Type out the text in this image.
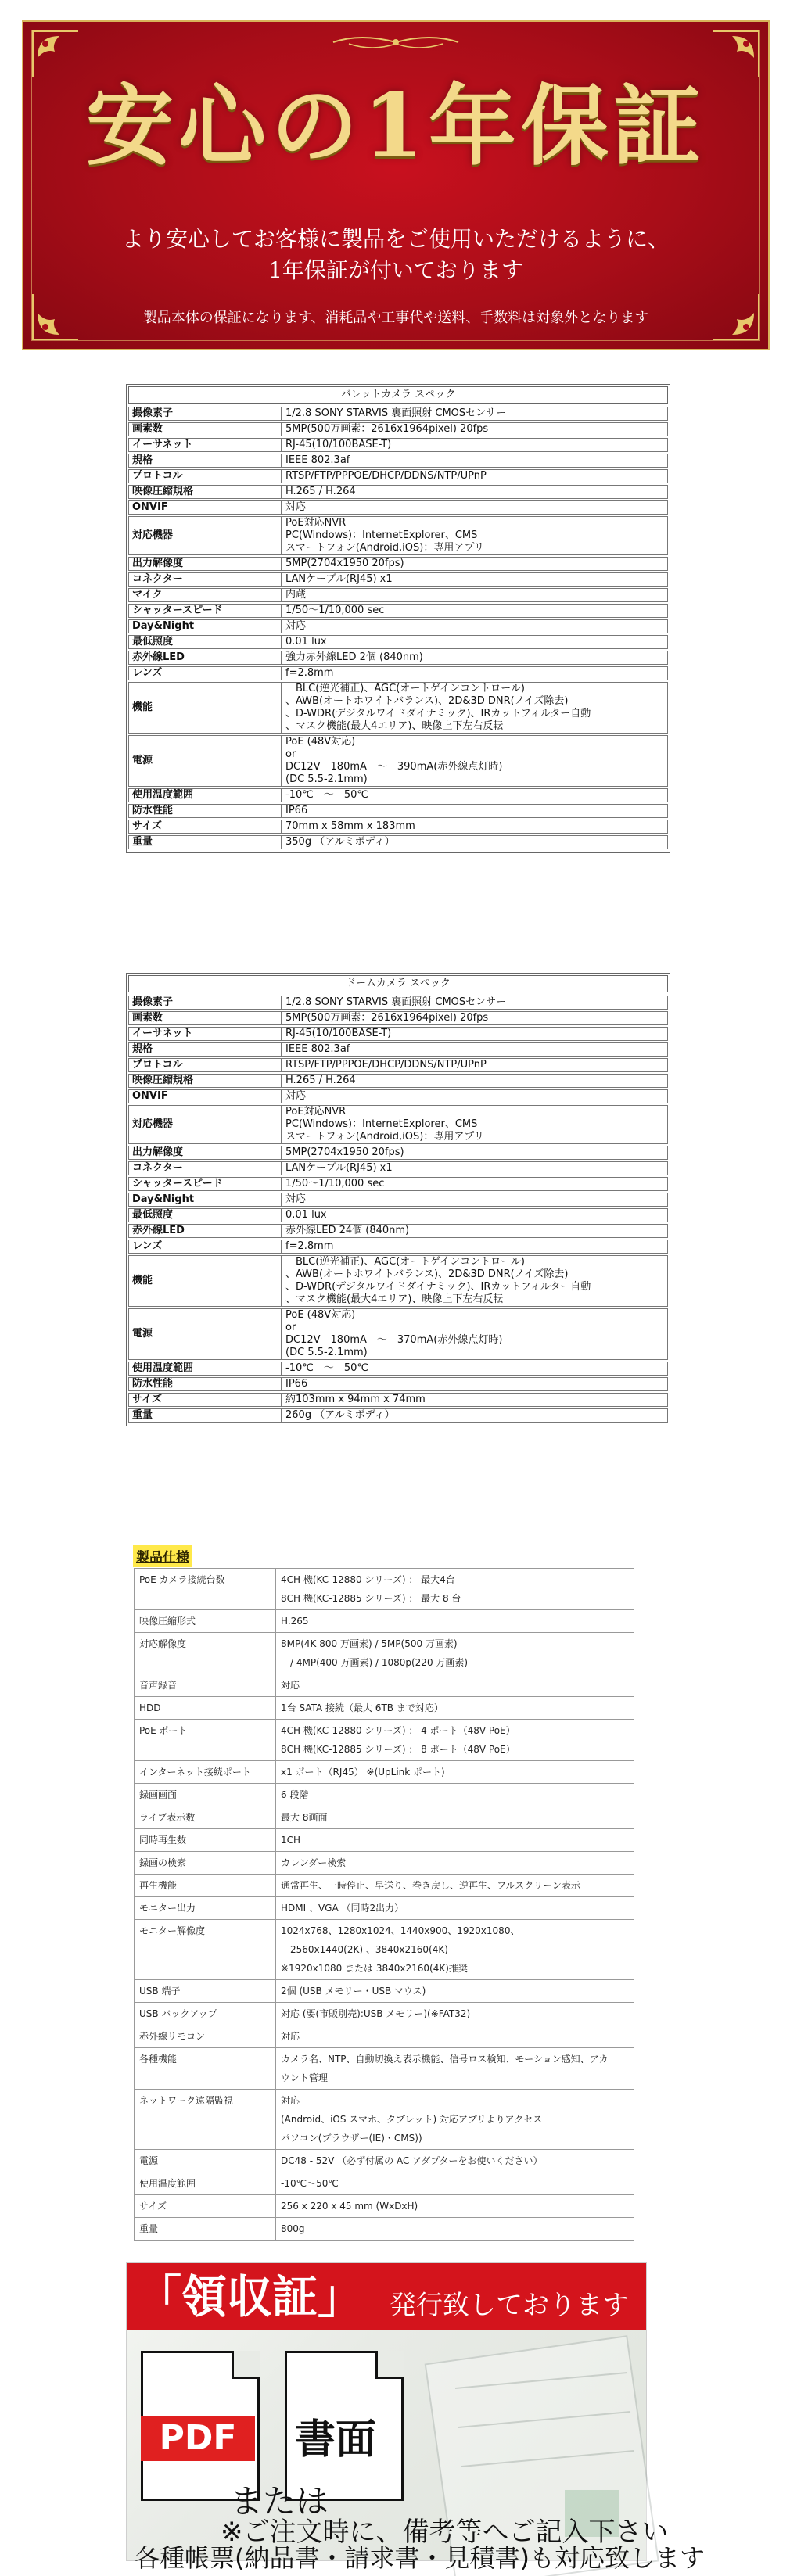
安心の1年保証
より安心してお客様に製品をご使用いただけるように、
1年保証が付いております
製品本体の保証になります、消耗品や工事代や送料、手数料は対象外となります
バレットカメラ スペック
撮像素子	1/2.8 SONY STARVIS 裏面照射 CMOSセンサー
画素数	5MP(500万画素：2616x1964pixel) 20fps
イーサネット	RJ-45(10/100BASE-T)
規格	IEEE 802.3af
プロトコル	RTSP/FTP/PPPOE/DHCP/DDNS/NTP/UPnP
映像圧縮規格	H.265 / H.264
ONVIF	対応
対応機器	PoE対応NVR
PC(Windows)：InternetExplorer、CMS
スマートフォン(Android,iOS)：専用アプリ
出力解像度	5MP(2704x1950 20fps)
コネクター	LANケーブル(RJ45) x1
マイク	内蔵
シャッタースピード	1/50〜1/10,000 sec
Day&Night	対応
最低照度	0.01 lux
赤外線LED	強力赤外線LED 2個 (840nm)
レンズ	f=2.8mm
機能	　BLC(逆光補正)、AGC(オートゲインコントロール)
、AWB(オートホワイトバランス)、2D&3D DNR(ノイズ除去)
、D-WDR(デジタルワイドダイナミック)、IRカットフィルター自動
、マスク機能(最大4エリア)、映像上下左右反転
電源	PoE (48V対応)
or
DC12V　180mA　〜　390mA(赤外線点灯時)
(DC 5.5-2.1mm)
使用温度範囲	-10℃　〜　50℃
防水性能	IP66
サイズ	70mm x 58mm x 183mm
重量	350g （アルミボディ）
ドームカメラ スペック
撮像素子	1/2.8 SONY STARVIS 裏面照射 CMOSセンサー
画素数	5MP(500万画素：2616x1964pixel) 20fps
イーサネット	RJ-45(10/100BASE-T)
規格	IEEE 802.3af
プロトコル	RTSP/FTP/PPPOE/DHCP/DDNS/NTP/UPnP
映像圧縮規格	H.265 / H.264
ONVIF	対応
対応機器	PoE対応NVR
PC(Windows)：InternetExplorer、CMS
スマートフォン(Android,iOS)：専用アプリ
出力解像度	5MP(2704x1950 20fps)
コネクター	LANケーブル(RJ45) x1
シャッタースピード	1/50〜1/10,000 sec
Day&Night	対応
最低照度	0.01 lux
赤外線LED	赤外線LED 24個 (840nm)
レンズ	f=2.8mm
機能	　BLC(逆光補正)、AGC(オートゲインコントロール)
、AWB(オートホワイトバランス)、2D&3D DNR(ノイズ除去)
、D-WDR(デジタルワイドダイナミック)、IRカットフィルター自動
、マスク機能(最大4エリア)、映像上下左右反転
電源	PoE (48V対応)
or
DC12V　180mA　〜　370mA(赤外線点灯時)
(DC 5.5-2.1mm)
使用温度範囲	-10℃　〜　50℃
防水性能	IP66
サイズ	約103mm x 94mm x 74mm
重量	260g （アルミボディ）
製品仕様
PoE カメラ接続台数	4CH 機(KC-12880 シリーズ) ： 最大4台
8CH 機(KC-12885 シリーズ) ： 最大 8 台

映像圧縮形式	H.265

対応解像度	8MP(4K 800 万画素) / 5MP(500 万画素)
　/ 4MP(400 万画素) / 1080p(220 万画素)

音声録音	対応

HDD	1台 SATA 接続（最大 6TB まで対応）

PoE ポート	4CH 機(KC-12880 シリーズ) ： 4 ポート（48V PoE）
8CH 機(KC-12885 シリーズ) ： 8 ポート（48V PoE）

インターネット接続ポート	x1 ポート（RJ45） ※(UpLink ポート)

録画画面	6 段階

ライブ表示数	最大 8画面

同時再生数	1CH

録画の検索	カレンダー検索

再生機能	通常再生、一時停止、早送り、巻き戻し、逆再生、フルスクリーン表示

モニター出力	HDMI 、VGA （同時2出力）

モニター解像度	1024x768、1280x1024、1440x900、1920x1080、
　2560x1440(2K) 、3840x2160(4K)
※1920x1080 または 3840x2160(4K)推奨

USB 端子	2個 (USB メモリー・USB マウス)

USB バックアップ	対応 (要(市販別売):USB メモリー)(※FAT32)

赤外線リモコン	対応

各種機能	カメラ名、NTP、自動切換え表示機能、信号ロス検知、モーション感知、アカ
ウント管理

ネットワーク遠隔監視	対応
(Android、iOS スマホ、タブレット) 対応アプリよりアクセス
パソコン(ブラウザー(IE)・CMS))

電源	DC48 - 52V （必ず付属の AC アダプターをお使いください）

使用温度範囲	-10℃〜50℃

サイズ	256 x 220 x 45 mm (WxDxH)

重量	800g
「領収証」 発行致しております
PDF	書面
または
※ご注文時に、備考等へご記入下さい
各種帳票(納品書・請求書・見積書)も対応致します
